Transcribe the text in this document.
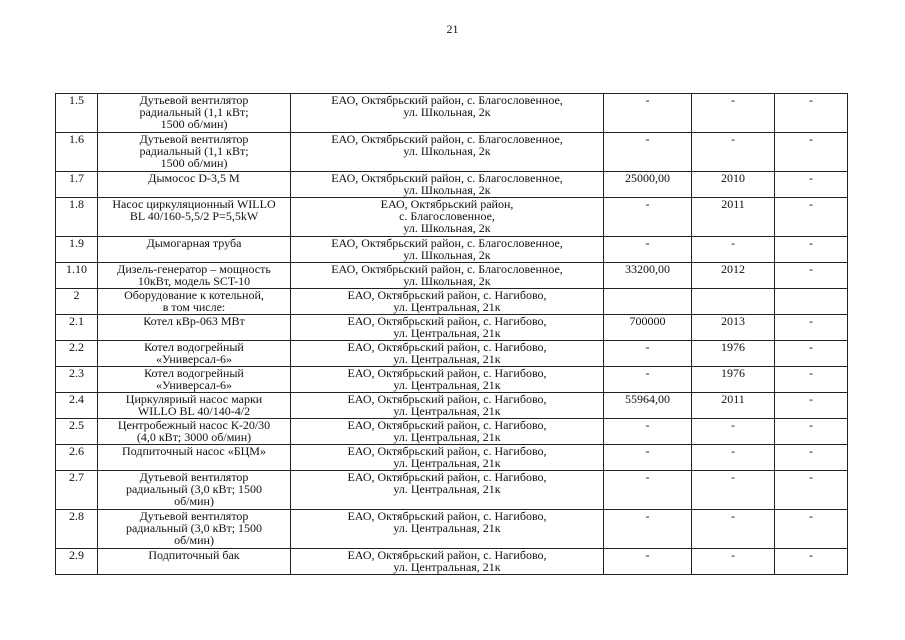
21
1.5	Дутьевой вентилятор
радиальный (1,1 кВт;
1500 об/мин)	ЕАО, Октябрьский район, с. Благословенное,
ул. Школьная, 2к	-	-	-
1.6	Дутьевой вентилятор
радиальный (1,1 кВт;
1500 об/мин)	ЕАО, Октябрьский район, с. Благословенное,
ул. Школьная, 2к	-	-	-
1.7	Дымосос D-3,5 М	ЕАО, Октябрьский район, с. Благословенное,
ул. Школьная, 2к	25000,00	2010	-
1.8	Насос циркуляционный WILLO
BL 40/160-5,5/2 P=5,5kW	ЕАО, Октябрьский район,
с. Благословенное,
ул. Школьная, 2к	-	2011	-
1.9	Дымогарная труба	ЕАО, Октябрьский район, с. Благословенное,
ул. Школьная, 2к	-	-	-
1.10	Дизель-генератор – мощность
10кВт, модель SCT-10	ЕАО, Октябрьский район, с. Благословенное,
ул. Школьная, 2к	33200,00	2012	-
2	Оборудование к котельной,
в том числе:	ЕАО, Октябрьский район, с. Нагибово,
ул. Центральная, 21к			
2.1	Котел кВр-063 МВт	ЕАО, Октябрьский район, с. Нагибово,
ул. Центральная, 21к	700000	2013	-
2.2	Котел водогрейный
«Универсал-6»	ЕАО, Октябрьский район, с. Нагибово,
ул. Центральная, 21к	-	1976	-
2.3	Котел водогрейный
«Универсал-6»	ЕАО, Октябрьский район, с. Нагибово,
ул. Центральная, 21к	-	1976	-
2.4	Циркуляриый насос марки
WILLO BL 40/140-4/2	ЕАО, Октябрьский район, с. Нагибово,
ул. Центральная, 21к	55964,00	2011	-
2.5	Центробежный насос К-20/30
(4,0 кВт; 3000 об/мин)	ЕАО, Октябрьский район, с. Нагибово,
ул. Центральная, 21к	-	-	-
2.6	Подпиточный насос «БЦМ»	ЕАО, Октябрьский район, с. Нагибово,
ул. Центральная, 21к	-	-	-
2.7	Дутьевой вентилятор
радиальный (3,0 кВт; 1500
об/мин)	ЕАО, Октябрьский район, с. Нагибово,
ул. Центральная, 21к	-	-	-
2.8	Дутьевой вентилятор
радиальный (3,0 кВт; 1500
об/мин)	ЕАО, Октябрьский район, с. Нагибово,
ул. Центральная, 21к	-	-	-
2.9	Подпиточный бак	ЕАО, Октябрьский район, с. Нагибово,
ул. Центральная, 21к	-	-	-
